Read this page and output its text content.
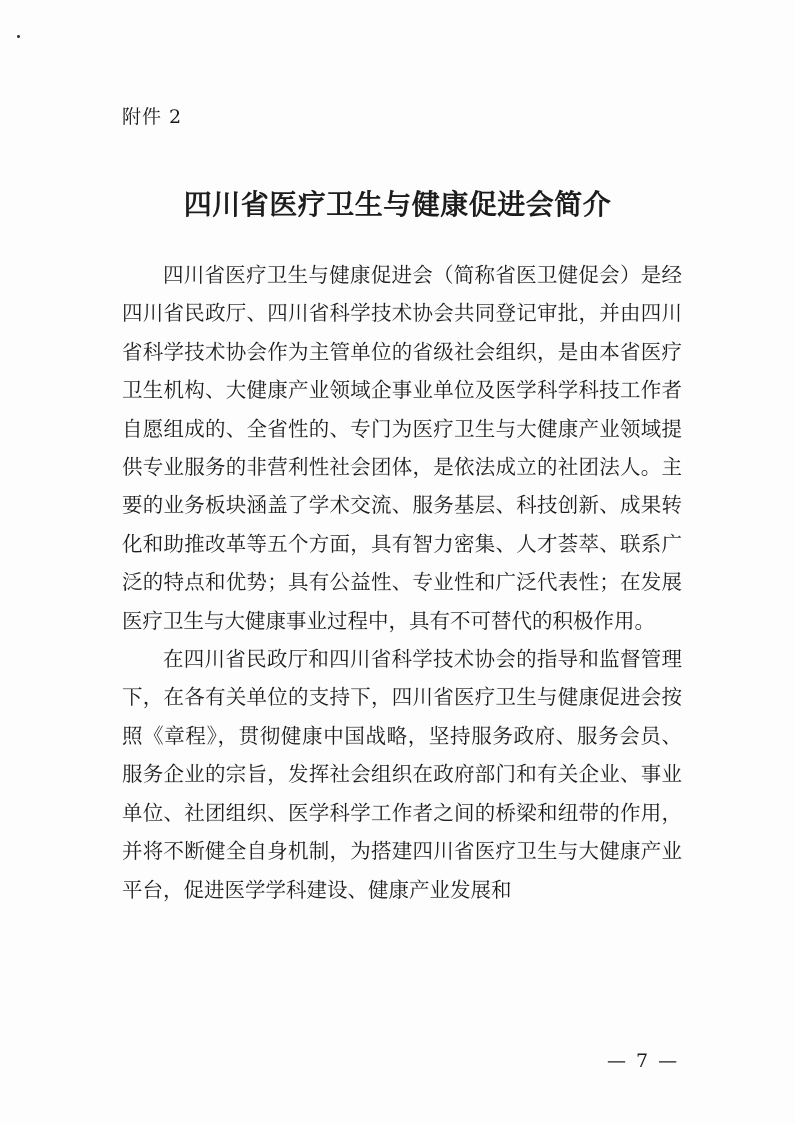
附件 2
四川省医疗卫生与健康促进会简介

四川省医疗卫生与健康促进会（简称省医卫健促会）是经四川省民政厅、四川省科学技术协会共同登记审批，并由四川省科学技术协会作为主管单位的省级社会组织，是由本省医疗卫生机构、大健康产业领域企事业单位及医学科学科技工作者自愿组成的、全省性的、专门为医疗卫生与大健康产业领域提供专业服务的非营利性社会团体，是依法成立的社团法人。主要的业务板块涵盖了学术交流、服务基层、科技创新、成果转化和助推改革等五个方面，具有智力密集、人才荟萃、联系广泛的特点和优势；具有公益性、专业性和广泛代表性；在发展医疗卫生与大健康事业过程中，具有不可替代的积极作用。

在四川省民政厅和四川省科学技术协会的指导和监督管理下，在各有关单位的支持下，四川省医疗卫生与健康促进会按照《章程》，贯彻健康中国战略，坚持服务政府、服务会员、服务企业的宗旨，发挥社会组织在政府部门和有关企业、事业单位、社团组织、医学科学工作者之间的桥梁和纽带的作用，并将不断健全自身机制，为搭建四川省医疗卫生与大健康产业平台，促进医学学科建设、健康产业发展和

— 7 —
